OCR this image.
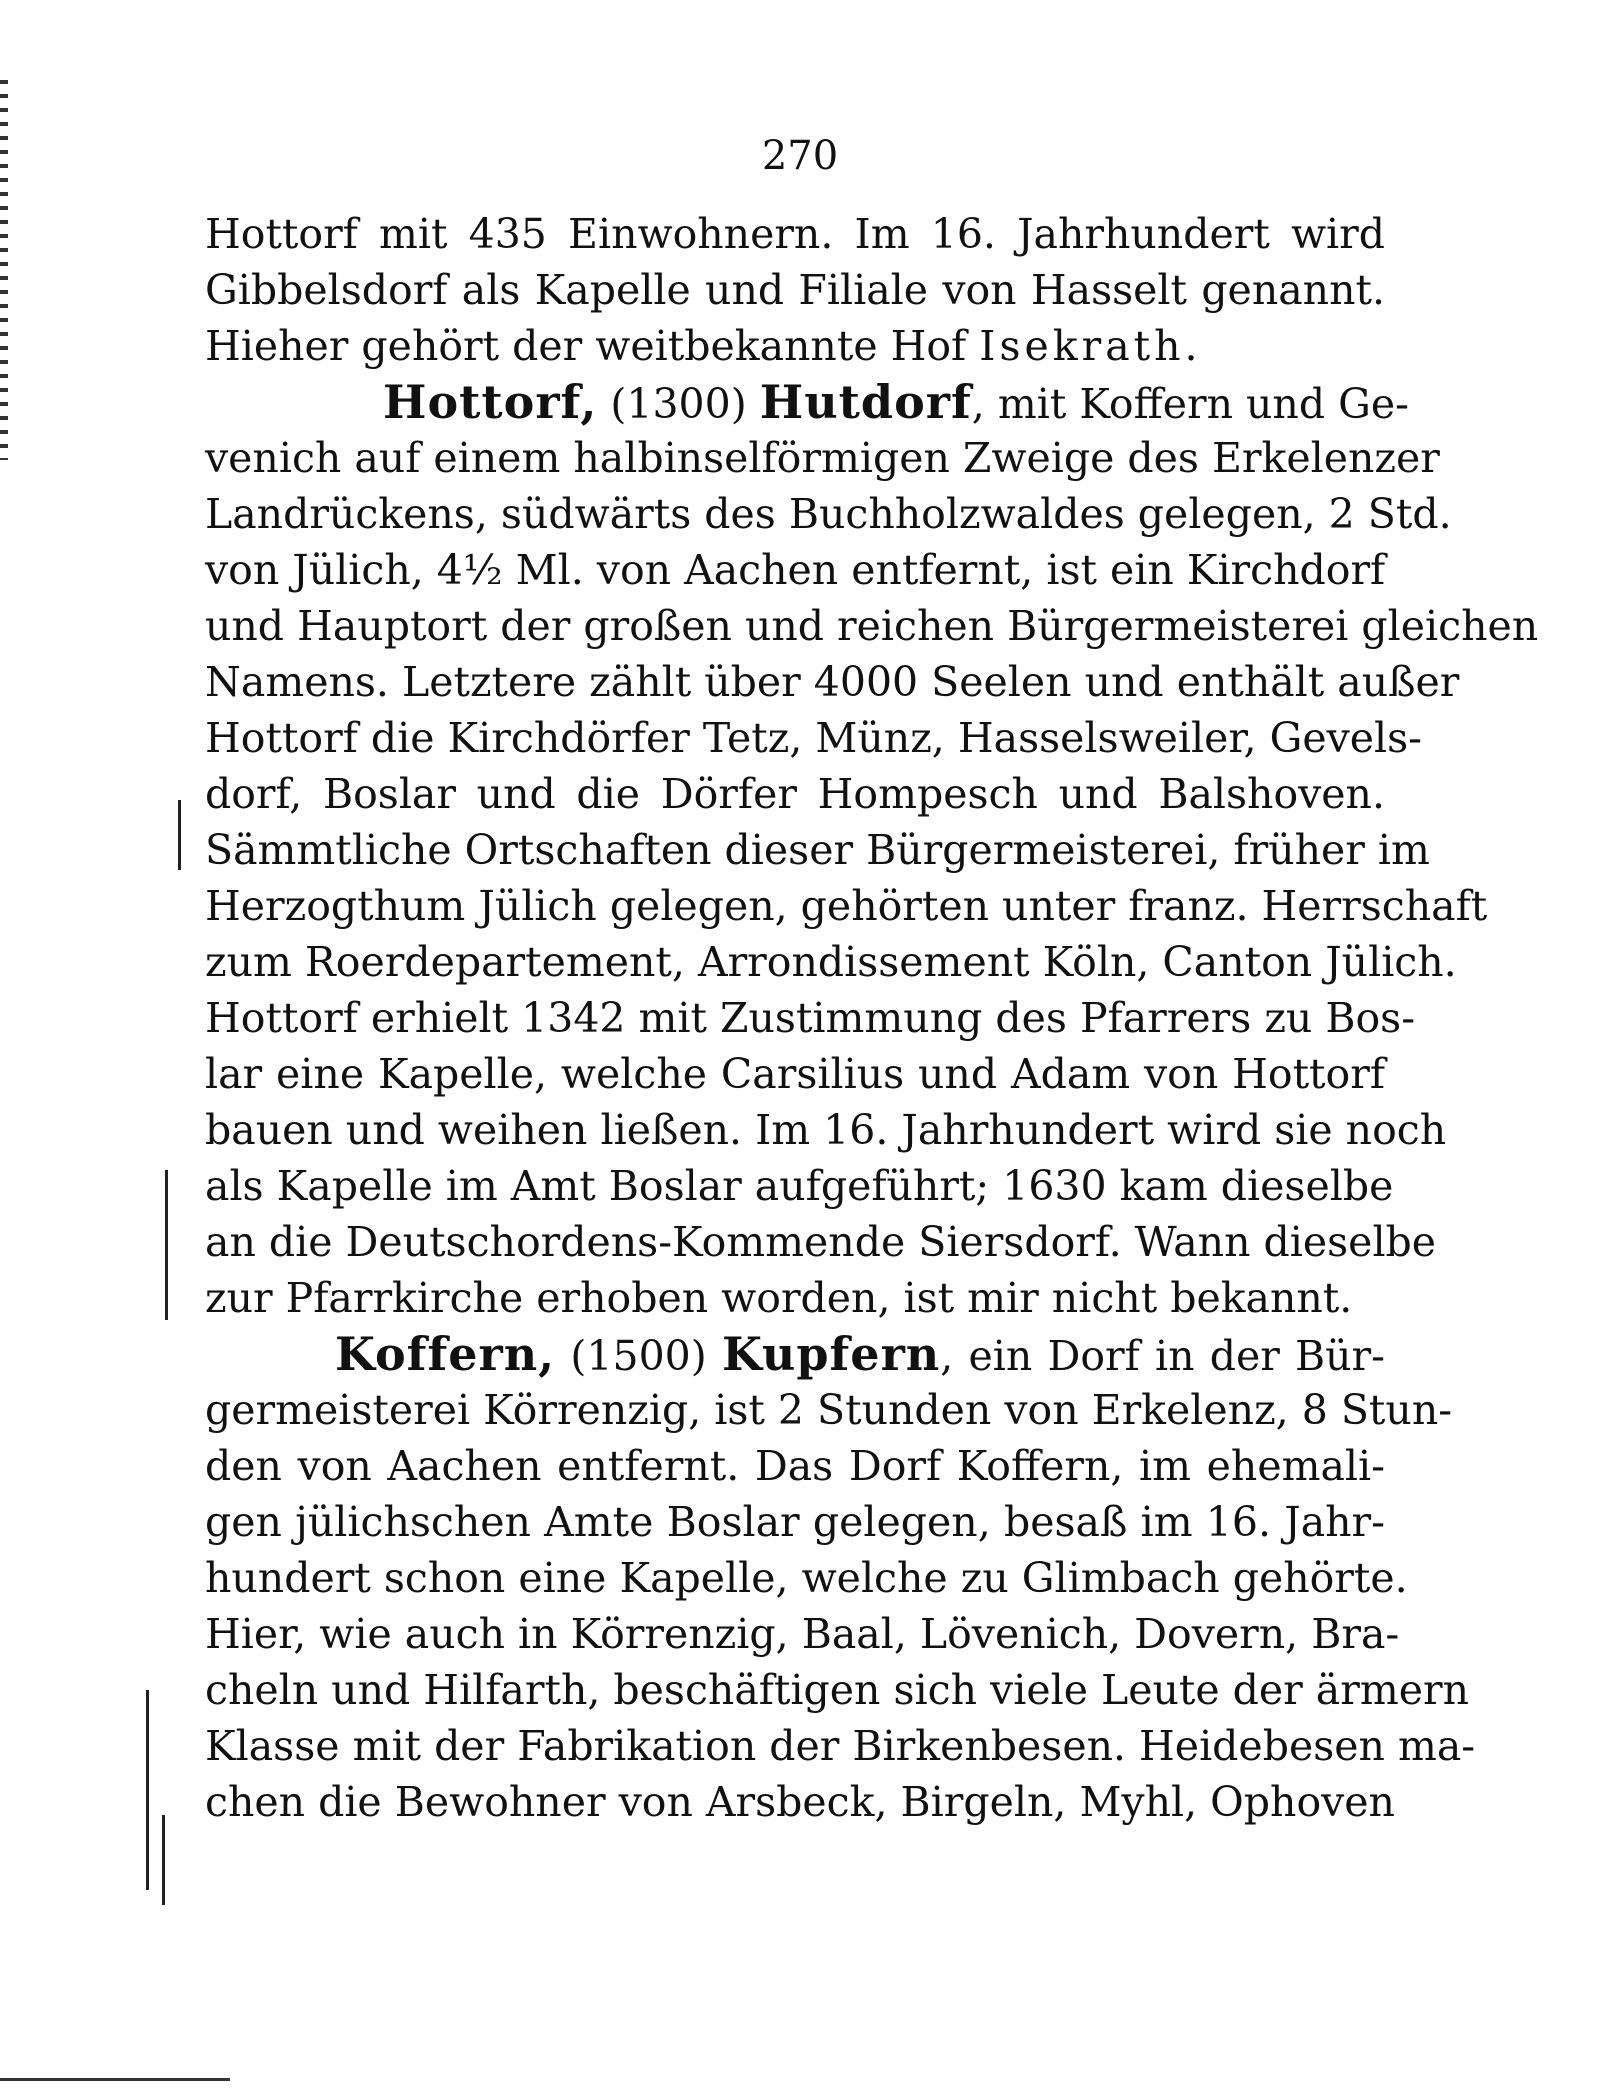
270
Hottorf mit 435 Einwohnern. Im 16. Jahrhundert wird
Gibbelsdorf als Kapelle und Filiale von Hasselt genannt.
Hieher gehört der weitbekannte Hof Isekrath.
Hottorf, (1300) Hutdorf, mit Koffern und Ge-
venich auf einem halbinselförmigen Zweige des Erkelenzer
Landrückens, südwärts des Buchholzwaldes gelegen, 2 Std.
von Jülich, 4½ Ml. von Aachen entfernt, ist ein Kirchdorf
und Hauptort der großen und reichen Bürgermeisterei gleichen
Namens. Letztere zählt über 4000 Seelen und enthält außer
Hottorf die Kirchdörfer Tetz, Münz, Hasselsweiler, Gevels-
dorf, Boslar und die Dörfer Hompesch und Balshoven.
Sämmtliche Ortschaften dieser Bürgermeisterei, früher im
Herzogthum Jülich gelegen, gehörten unter franz. Herrschaft
zum Roerdepartement, Arrondissement Köln, Canton Jülich.
Hottorf erhielt 1342 mit Zustimmung des Pfarrers zu Bos-
lar eine Kapelle, welche Carsilius und Adam von Hottorf
bauen und weihen ließen. Im 16. Jahrhundert wird sie noch
als Kapelle im Amt Boslar aufgeführt; 1630 kam dieselbe
an die Deutschordens-Kommende Siersdorf. Wann dieselbe
zur Pfarrkirche erhoben worden, ist mir nicht bekannt.
Koffern, (1500) Kupfern, ein Dorf in der Bür-
germeisterei Körrenzig, ist 2 Stunden von Erkelenz, 8 Stun-
den von Aachen entfernt. Das Dorf Koffern, im ehemali-
gen jülichschen Amte Boslar gelegen, besaß im 16. Jahr-
hundert schon eine Kapelle, welche zu Glimbach gehörte.
Hier, wie auch in Körrenzig, Baal, Lövenich, Dovern, Bra-
cheln und Hilfarth, beschäftigen sich viele Leute der ärmern
Klasse mit der Fabrikation der Birkenbesen. Heidebesen ma-
chen die Bewohner von Arsbeck, Birgeln, Myhl, Ophoven
